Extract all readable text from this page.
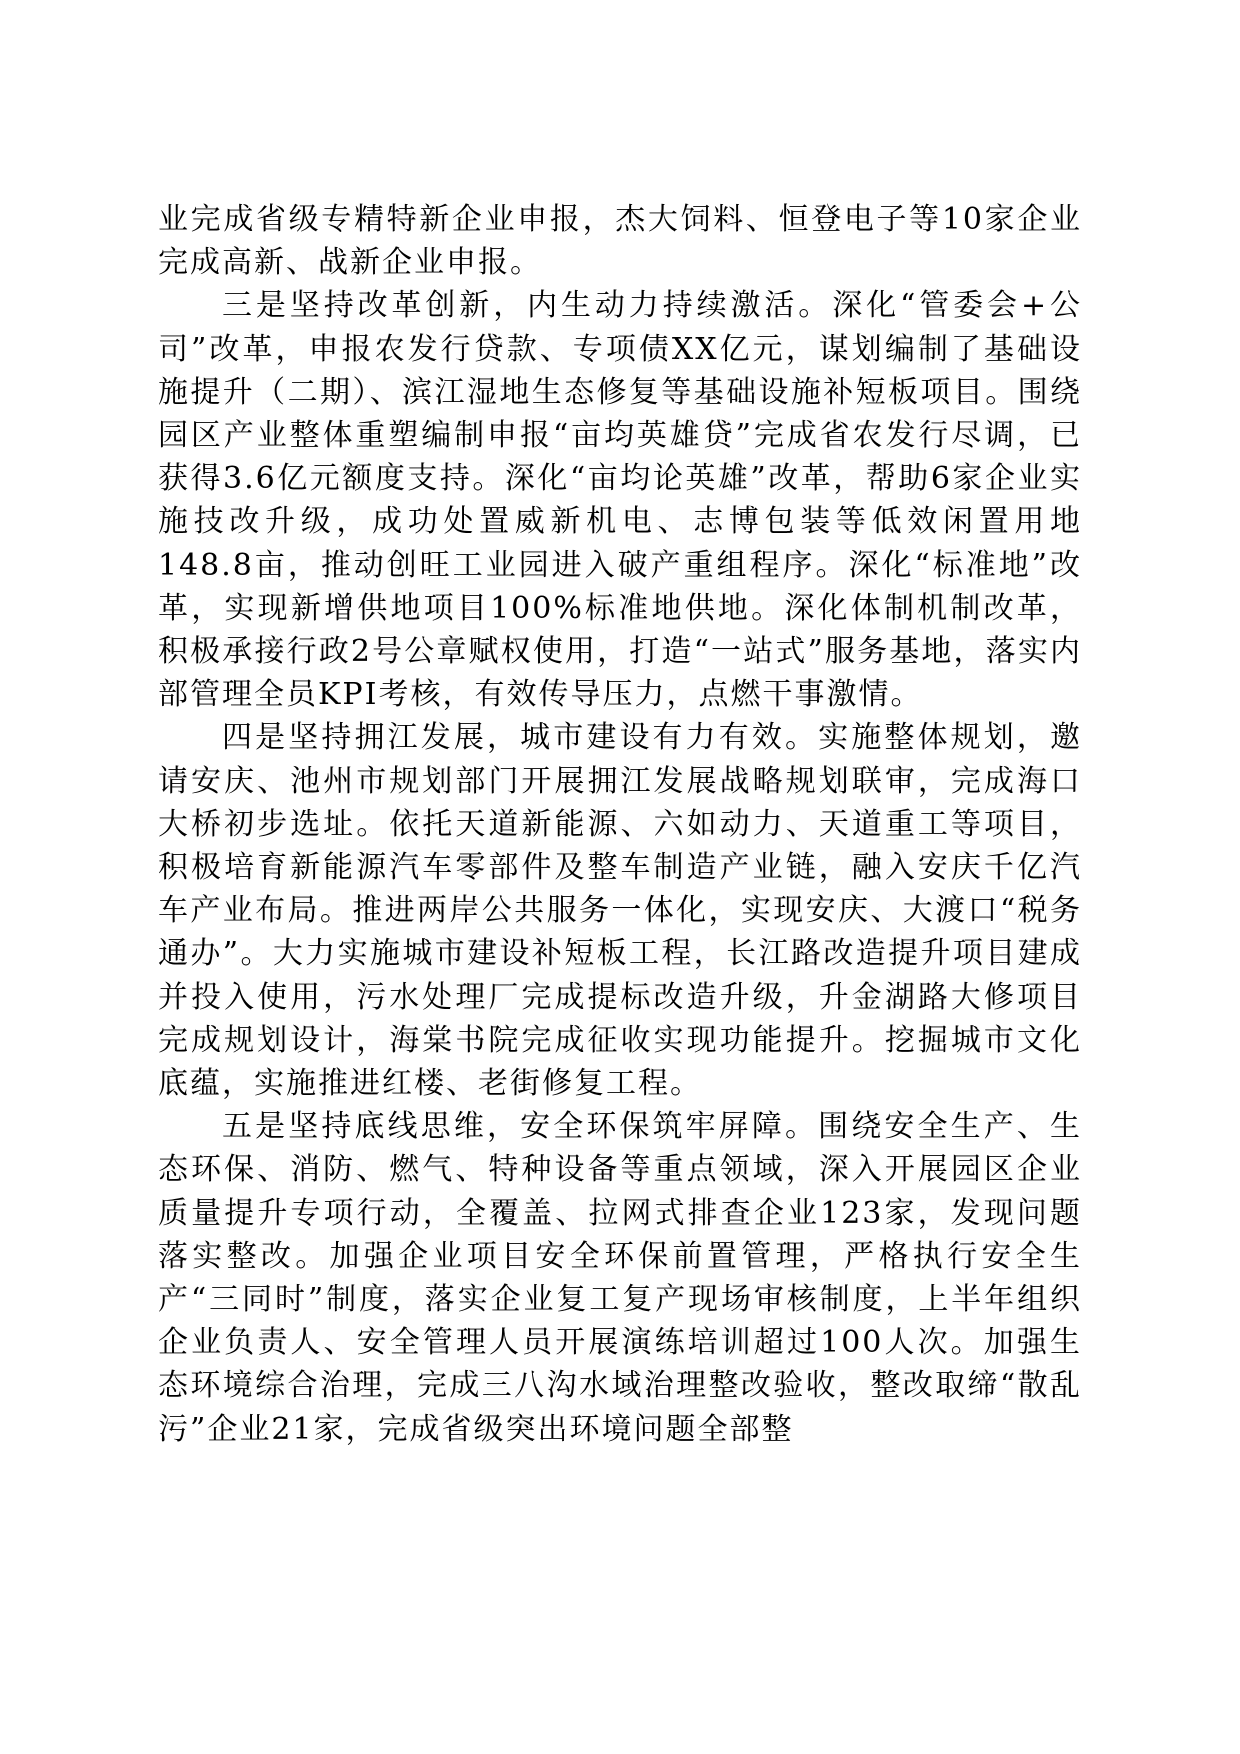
业完成省级专精特新企业申报，杰大饲料、恒登电子等10家企业完成高新、战新企业申报。

三是坚持改革创新，内生动力持续激活。深化“管委会+公司”改革，申报农发行贷款、专项债XX亿元，谋划编制了基础设施提升（二期）、滨江湿地生态修复等基础设施补短板项目。围绕园区产业整体重塑编制申报“亩均英雄贷”完成省农发行尽调，已获得3.6亿元额度支持。深化“亩均论英雄”改革，帮助6家企业实施技改升级，成功处置威新机电、志博包装等低效闲置用地148.8亩，推动创旺工业园进入破产重组程序。深化“标准地”改革，实现新增供地项目100%标准地供地。深化体制机制改革，积极承接行政2号公章赋权使用，打造“一站式”服务基地，落实内部管理全员KPI考核，有效传导压力，点燃干事激情。

四是坚持拥江发展，城市建设有力有效。实施整体规划，邀请安庆、池州市规划部门开展拥江发展战略规划联审，完成海口大桥初步选址。依托天道新能源、六如动力、天道重工等项目，积极培育新能源汽车零部件及整车制造产业链，融入安庆千亿汽车产业布局。推进两岸公共服务一体化，实现安庆、大渡口“税务通办”。大力实施城市建设补短板工程，长江路改造提升项目建成并投入使用，污水处理厂完成提标改造升级，升金湖路大修项目完成规划设计，海棠书院完成征收实现功能提升。挖掘城市文化底蕴，实施推进红楼、老街修复工程。

五是坚持底线思维，安全环保筑牢屏障。围绕安全生产、生态环保、消防、燃气、特种设备等重点领域，深入开展园区企业质量提升专项行动，全覆盖、拉网式排查企业123家，发现问题落实整改。加强企业项目安全环保前置管理，严格执行安全生产“三同时”制度，落实企业复工复产现场审核制度，上半年组织企业负责人、安全管理人员开展演练培训超过100人次。加强生态环境综合治理，完成三八沟水域治理整改验收，整改取缔“散乱污”企业21家，完成省级突出环境问题全部整
